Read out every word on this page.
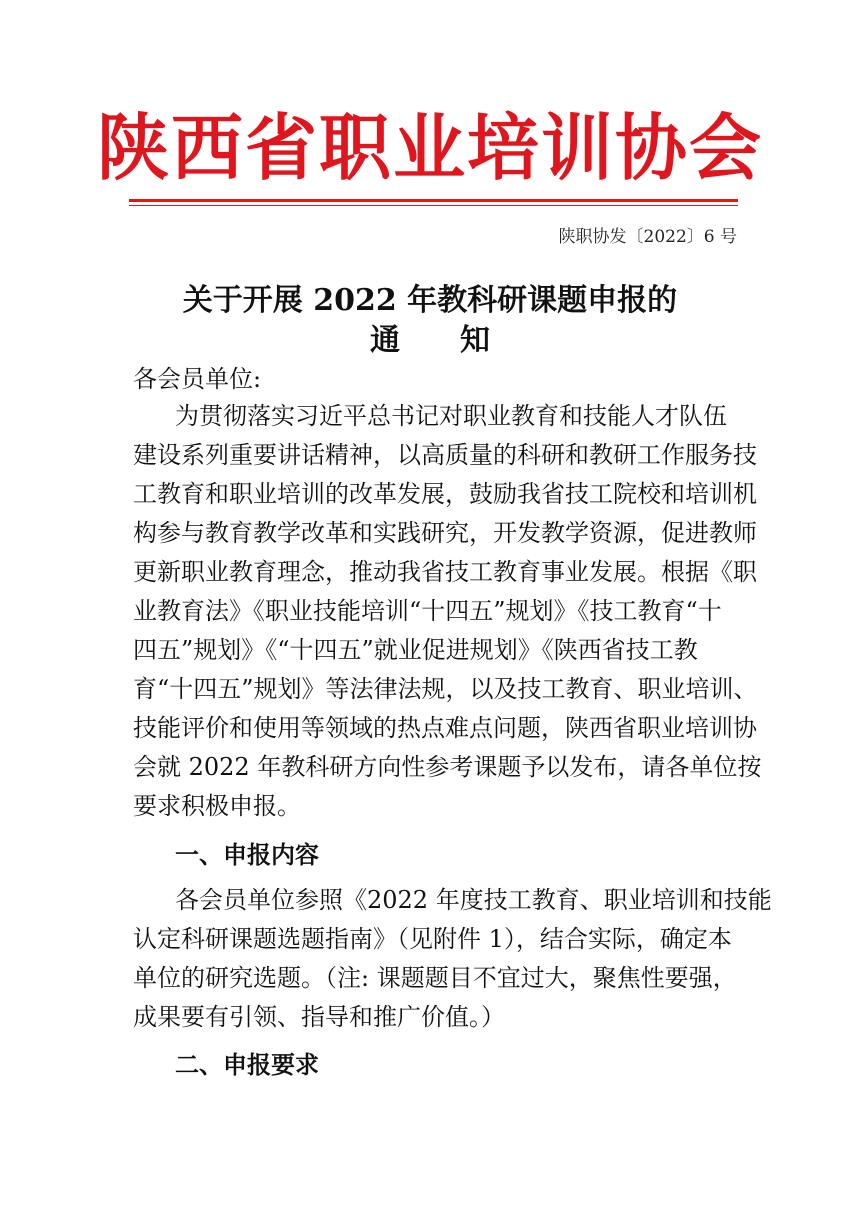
陕西省职业培训协会
陕职协发〔2022〕6 号
关于开展 2022 年教科研课题申报的
通 知
各会员单位:
为贯彻落实习近平总书记对职业教育和技能人才队伍
建设系列重要讲话精神，以高质量的科研和教研工作服务技
工教育和职业培训的改革发展，鼓励我省技工院校和培训机
构参与教育教学改革和实践研究，开发教学资源，促进教师
更新职业教育理念，推动我省技工教育事业发展。根据《职
业教育法》《职业技能培训“十四五”规划》《技工教育“十
四五”规划》《“十四五”就业促进规划》《陕西省技工教
育“十四五”规划》等法律法规，以及技工教育、职业培训、
技能评价和使用等领域的热点难点问题，陕西省职业培训协
会就 2022 年教科研方向性参考课题予以发布，请各单位按
要求积极申报。
一、申报内容
各会员单位参照《2022 年度技工教育、职业培训和技能
认定科研课题选题指南》（见附件 1），结合实际，确定本
单位的研究选题。（注: 课题题目不宜过大，聚焦性要强，
成果要有引领、指导和推广价值。）
二、申报要求
